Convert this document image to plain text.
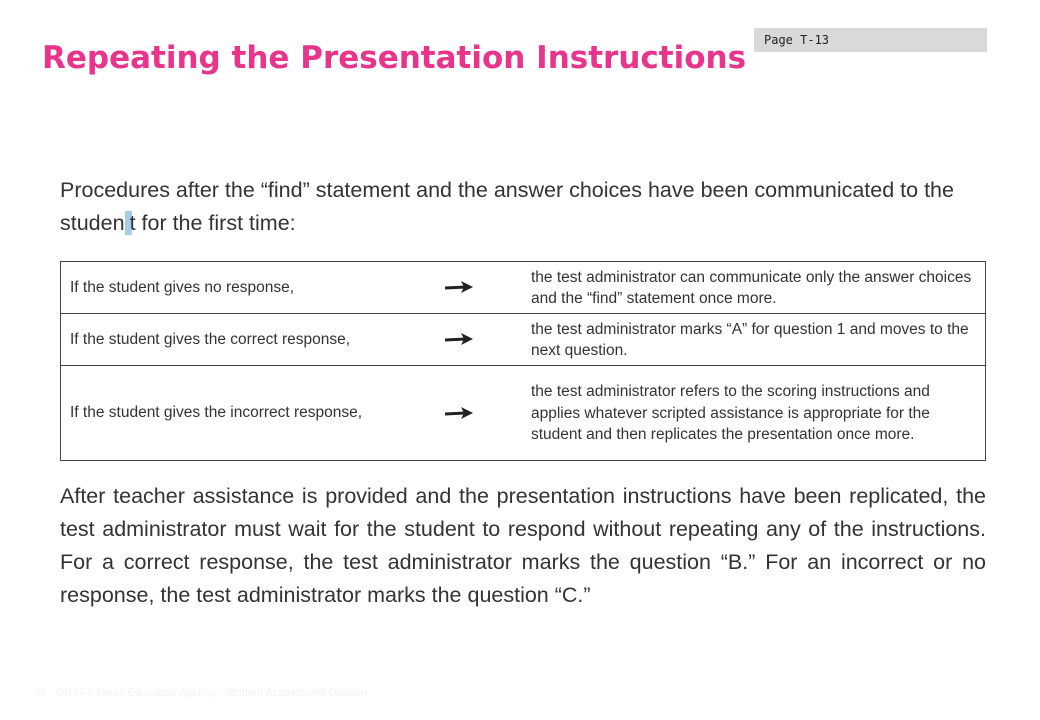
Repeating the Presentation Instructions	Page T-13

Procedures after the “find” statement and the answer choices have been communicated to the studen t for the first time:

If the student gives no response,		the test administrator can communicate only the answer choices and the “find” statement once more.
If the student gives the correct response,		the test administrator marks “A” for question 1 and moves to the next question.
If the student gives the incorrect response,		the test administrator refers to the scoring instructions and applies whatever scripted assistance is appropriate for the student and then replicates the presentation once more.

After teacher assistance is provided and the presentation instructions have been replicated, the test administrator must wait for the student to respond without repeating any of the instructions. For a correct response, the test administrator marks the question “B.” For an incorrect or no response, the test administrator marks the question “C.”

40 DRAFT Texas Education Agency - Student Assessment Division
